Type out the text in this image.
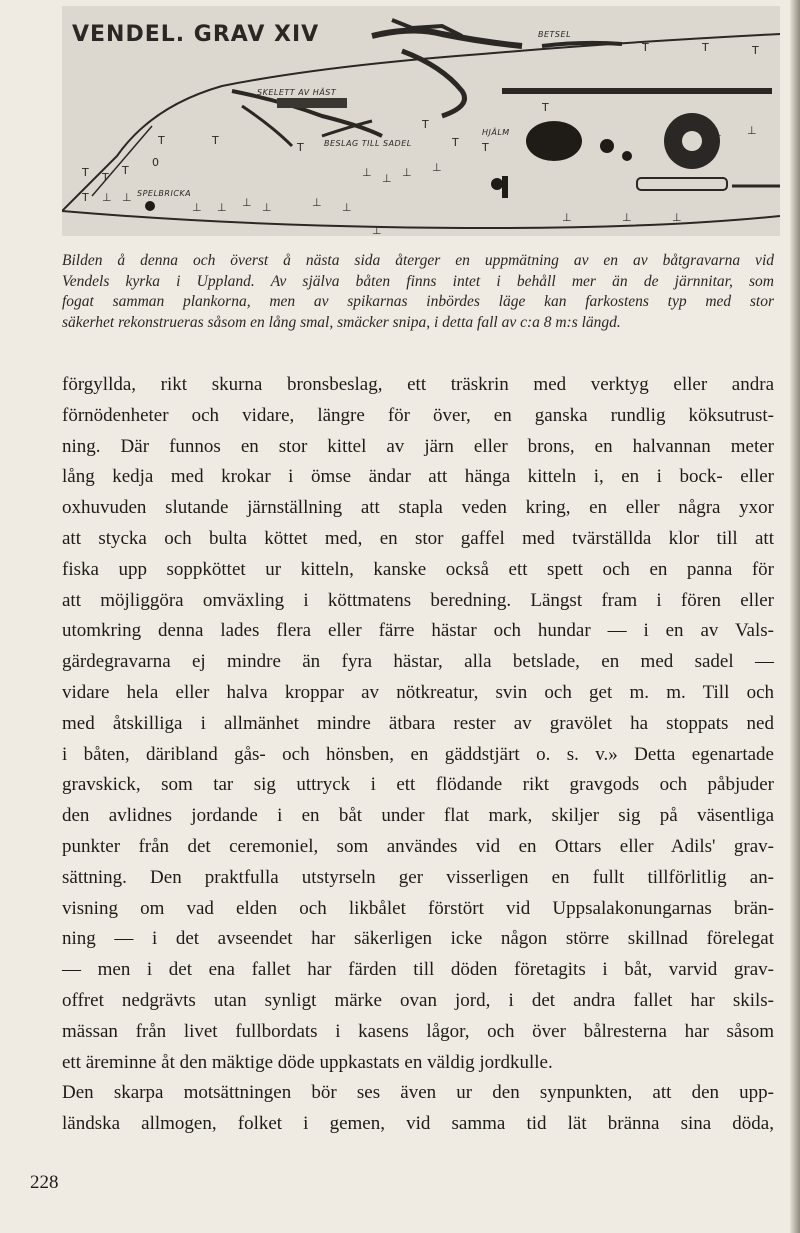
T	T
T
T
T T
T
T	T	T
T T
T	⊥ ⊥ ⊥ ⊥
⊥ ⊥ ⊥ ⊥	⊥ ⊥
⊥
⊥	⊥	⊥
⊥ ⊥
T ⊥ ⊥
0
VENDEL. GRAV XIV
SKELETT AV HÄST
BESLAG TILL SADEL
HJÄLM
SPELBRICKA
BETSEL

Bilden å denna och överst å nästa sida återger en uppmätning av en av båtgravarna vid
Vendels kyrka i Uppland. Av själva båten finns intet i behåll mer än de järnnitar, som
fogat samman plankorna, men av spikarnas inbördes läge kan farkostens typ med stor
säkerhet rekonstrueras såsom en lång smal, smäcker snipa, i detta fall av c:a 8 m:s längd.

förgyllda, rikt skurna bronsbeslag, ett träskrin med verktyg eller andra
förnödenheter och vidare, längre för över, en ganska rundlig köksutrust-
ning. Där funnos en stor kittel av järn eller brons, en halvannan meter
lång kedja med krokar i ömse ändar att hänga kitteln i, en i bock- eller
oxhuvuden slutande järnställning att stapla veden kring, en eller några yxor
att stycka och bulta köttet med, en stor gaffel med tvärställda klor till att
fiska upp soppköttet ur kitteln, kanske också ett spett och en panna för
att möjliggöra omväxling i köttmatens beredning. Längst fram i fören eller
utomkring denna lades flera eller färre hästar och hundar — i en av Vals-
gärdegravarna ej mindre än fyra hästar, alla betslade, en med sadel —
vidare hela eller halva kroppar av nötkreatur, svin och get m. m. Till och
med åtskilliga i allmänhet mindre ätbara rester av gravölet ha stoppats ned
i båten, däribland gås- och hönsben, en gäddstjärt o. s. v.» Detta egenartade
gravskick, som tar sig uttryck i ett flödande rikt gravgods och påbjuder
den avlidnes jordande i en båt under flat mark, skiljer sig på väsentliga
punkter från det ceremoniel, som användes vid en Ottars eller Adils' grav-
sättning. Den praktfulla utstyrseln ger visserligen en fullt tillförlitlig an-
visning om vad elden och likbålet förstört vid Uppsalakonungarnas brän-
ning — i det avseendet har säkerligen icke någon större skillnad förelegat
— men i det ena fallet har färden till döden företagits i båt, varvid grav-
offret nedgrävts utan synligt märke ovan jord, i det andra fallet har skils-
mässan från livet fullbordats i kasens lågor, och över bålresterna har såsom
ett äreminne åt den mäktige döde uppkastats en väldig jordkulle.
Den skarpa motsättningen bör ses även ur den synpunkten, att den upp-
ländska allmogen, folket i gemen, vid samma tid lät bränna sina döda,
228
